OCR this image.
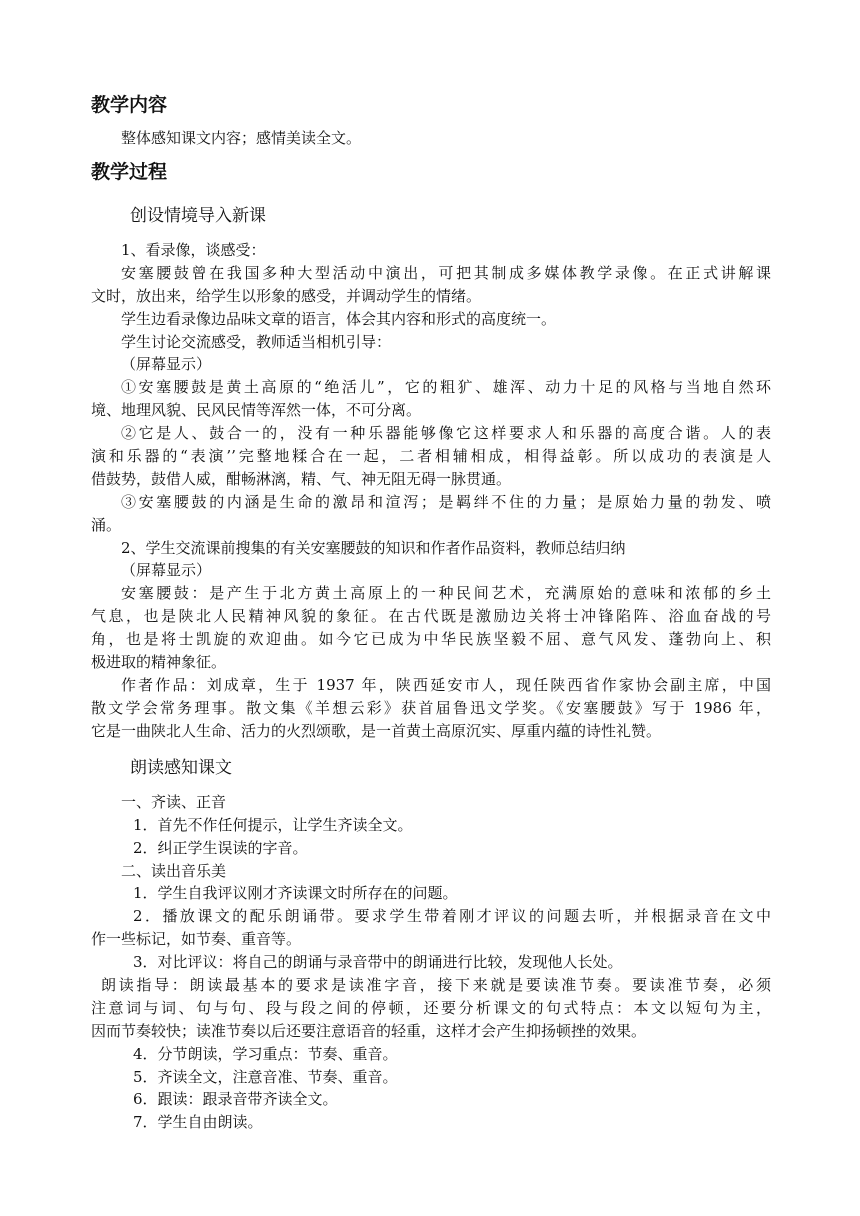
教学内容

整体感知课文内容；感情美读全文。

教学过程

创设情境导入新课

1、看录像，谈感受：

安塞腰鼓曾在我国多种大型活动中演出，可把其制成多媒体教学录像。在正式讲解课

文时，放出来，给学生以形象的感受，并调动学生的情绪。

学生边看录像边品味文章的语言，体会其内容和形式的高度统一。

学生讨论交流感受，教师适当相机引导：

（屏幕显示）

①安塞腰鼓是黄土高原的“绝活儿”，它的粗犷、雄浑、动力十足的风格与当地自然环

境、地理风貌、民风民情等浑然一体，不可分离。

②它是人、鼓合一的，没有一种乐器能够像它这样要求人和乐器的高度合谐。人的表

演和乐器的“表演’’完整地糅合在一起，二者相辅相成，相得益彰。所以成功的表演是人

借鼓势，鼓借人威，酣畅淋漓，精、气、神无阻无碍一脉贯通。

③安塞腰鼓的内涵是生命的激昂和渲泻；是羁绊不住的力量；是原始力量的勃发、喷

涌。

2、学生交流课前搜集的有关安塞腰鼓的知识和作者作品资料，教师总结归纳

（屏幕显示）

安塞腰鼓：是产生于北方黄土高原上的一种民间艺术，充满原始的意味和浓郁的乡土

气息，也是陕北人民精神风貌的象征。在古代既是激励边关将士冲锋陷阵、浴血奋战的号

角，也是将士凯旋的欢迎曲。如今它已成为中华民族坚毅不屈、意气风发、蓬勃向上、积

极进取的精神象征。

作者作品：刘成章，生于 1937 年，陕西延安市人，现任陕西省作家协会副主席，中国

散文学会常务理事。散文集《羊想云彩》获首届鲁迅文学奖。《安塞腰鼓》写于 1986 年，

它是一曲陕北人生命、活力的火烈颂歌，是一首黄土高原沉实、厚重内蕴的诗性礼赞。

朗读感知课文

一、齐读、正音

1．首先不作任何提示，让学生齐读全文。

2．纠正学生误读的字音。

二、读出音乐美

1．学生自我评议刚才齐读课文时所存在的问题。

2．播放课文的配乐朗诵带。要求学生带着刚才评议的问题去听，并根据录音在文中

作一些标记，如节奏、重音等。

3．对比评议：将自己的朗诵与录音带中的朗诵进行比较，发现他人长处。

朗读指导：朗读最基本的要求是读准字音，接下来就是要读准节奏。要读准节奏，必须

注意词与词、句与句、段与段之间的停顿，还要分析课文的句式特点：本文以短句为主，

因而节奏较快；读准节奏以后还要注意语音的轻重，这样才会产生抑扬顿挫的效果。

4．分节朗读，学习重点：节奏、重音。

5．齐读全文，注意音准、节奏、重音。

6．跟读：跟录音带齐读全文。

7．学生自由朗读。
